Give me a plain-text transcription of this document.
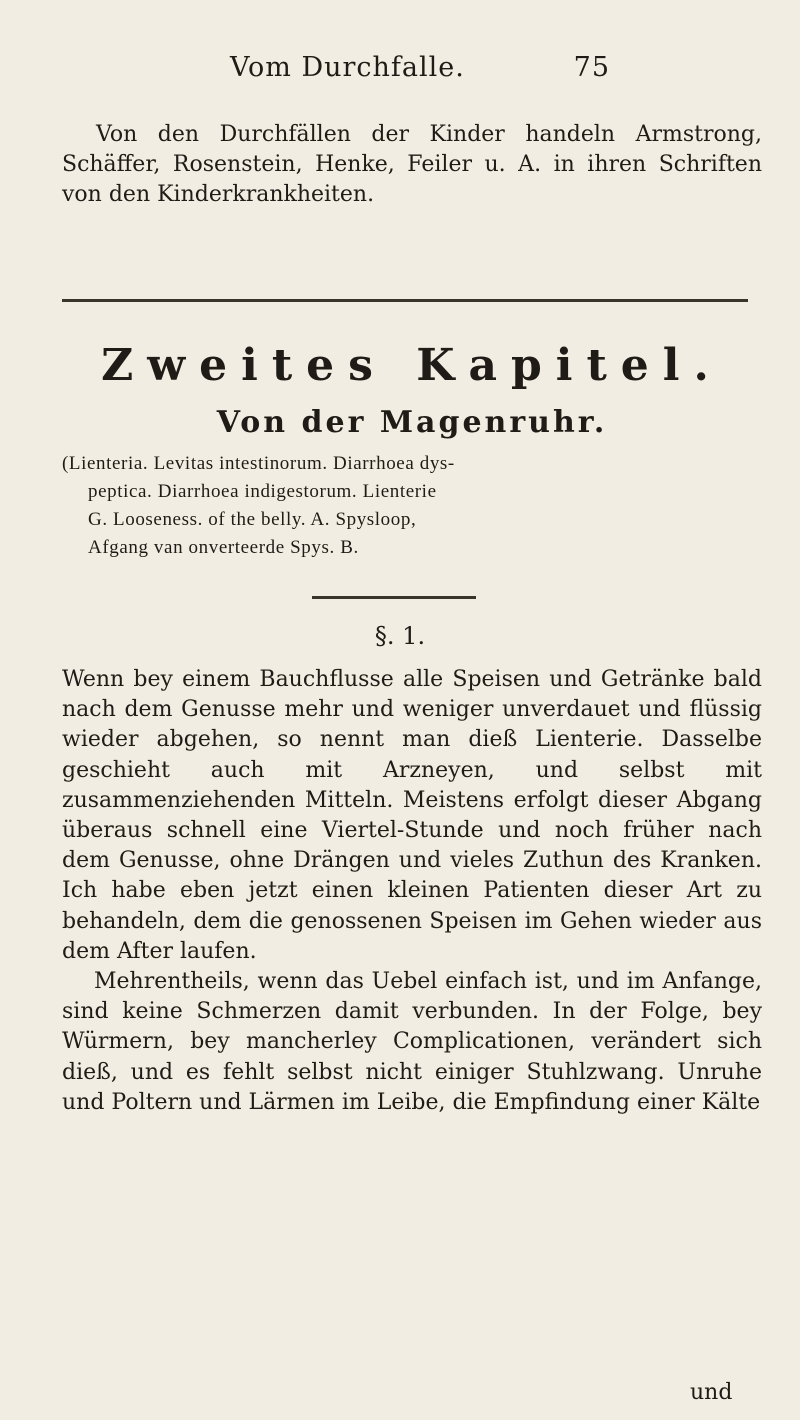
Vom Durchfalle.	75
Von den Durchfällen der Kinder handeln Armstrong, Schäffer, Rosenstein, Henke, Feiler u. A. in ihren Schriften von den Kinderkrankheiten.
Zweites Kapitel.
Von der Magenruhr.
(Lienteria. Levitas intestinorum. Diarrhoea dys-
peptica. Diarrhoea indigestorum. Lienterie
G. Looseness. of the belly. A. Spysloop,
Afgang van onverteerde Spys. B.
§. 1.

Wenn bey einem Bauchflusse alle Speisen und Getränke bald nach dem Genusse mehr und weniger unverdauet und flüssig wieder abgehen, so nennt man dieß Lienterie. Dasselbe geschieht auch mit Arzneyen, und selbst mit zusammenziehenden Mitteln. Meistens erfolgt dieser Abgang überaus schnell eine Viertel-Stunde und noch früher nach dem Genusse, ohne Drängen und vieles Zuthun des Kranken. Ich habe eben jetzt einen kleinen Patienten dieser Art zu behandeln, dem die genossenen Speisen im Gehen wieder aus dem After laufen.

Mehrentheils, wenn das Uebel einfach ist, und im Anfange, sind keine Schmerzen damit verbunden. In der Folge, bey Würmern, bey mancherley Complicationen, verändert sich dieß, und es fehlt selbst nicht einiger Stuhlzwang. Unruhe und Poltern und Lärmen im Leibe, die Empfindung einer Kälte

und
